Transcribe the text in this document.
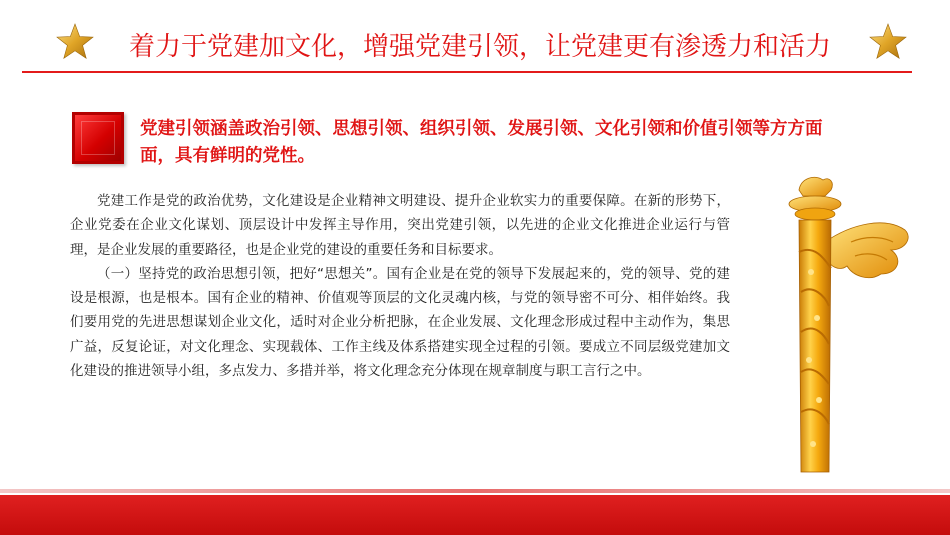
着力于党建加文化，增强党建引领，让党建更有渗透力和活力
党建引领涵盖政治引领、思想引领、组织引领、发展引领、文化引领和价值引领等方方面面，具有鲜明的党性。

党建工作是党的政治优势，文化建设是企业精神文明建设、提升企业软实力的重要保障。在新的形势下，企业党委在企业文化谋划、顶层设计中发挥主导作用，突出党建引领，以先进的企业文化推进企业运行与管理，是企业发展的重要路径，也是企业党的建设的重要任务和目标要求。

（一）坚持党的政治思想引领，把好“思想关”。国有企业是在党的领导下发展起来的，党的领导、党的建设是根源，也是根本。国有企业的精神、价值观等顶层的文化灵魂内核，与党的领导密不可分、相伴始终。我们要用党的先进思想谋划企业文化，适时对企业分析把脉，在企业发展、文化理念形成过程中主动作为，集思广益，反复论证，对文化理念、实现载体、工作主线及体系搭建实现全过程的引领。要成立不同层级党建加文化建设的推进领导小组，多点发力、多措并举，将文化理念充分体现在规章制度与职工言行之中。
